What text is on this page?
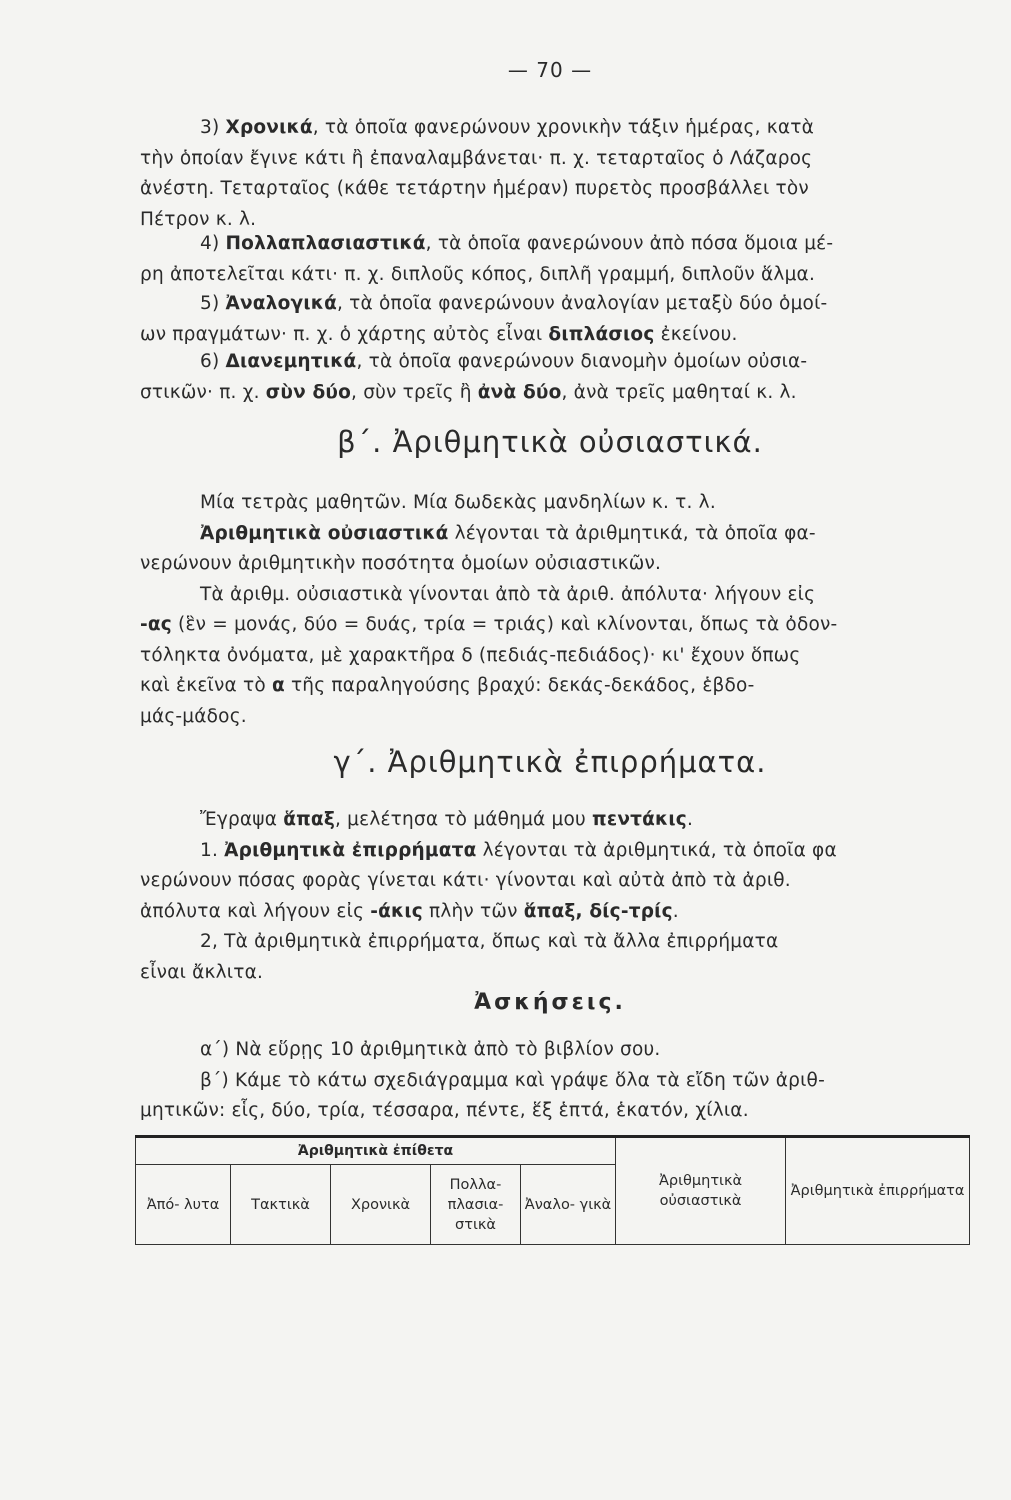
— 70 —
3) Χρονικά, τὰ ὁποῖα φανερώνουν χρονικὴν τάξιν ἡμέρας, κατὰ
τὴν ὁποίαν ἔγινε κάτι ἢ ἐπαναλαμβάνεται· π. χ. τεταρταῖος ὁ Λάζαρος
ἀνέστη. Τεταρταῖος (κάθε τετάρτην ἡμέραν) πυρετὸς προσβάλλει τὸν
Πέτρον κ. λ.
4) Πολλαπλασιαστικά, τὰ ὁποῖα φανερώνουν ἀπὸ πόσα ὅμοια μέ-
ρη ἀποτελεῖται κάτι· π. χ. διπλοῦς κόπος, διπλῆ γραμμή, διπλοῦν ἅλμα.
5) Ἀναλογικά, τὰ ὁποῖα φανερώνουν ἀναλογίαν μεταξὺ δύο ὁμοί-
ων πραγμάτων· π. χ. ὁ χάρτης αὐτὸς εἶναι διπλάσιος ἐκείνου.
6) Διανεμητικά, τὰ ὁποῖα φανερώνουν διανομὴν ὁμοίων οὐσια-
στικῶν· π. χ. σὺν δύο, σὺν τρεῖς ἢ ἀνὰ δύο, ἀνὰ τρεῖς μαθηταί κ. λ.
β΄. Ἀριθμητικὰ οὐσιαστικά.
Μία τετρὰς μαθητῶν. Μία δωδεκὰς μανδηλίων κ. τ. λ.
Ἀριθμητικὰ οὐσιαστικά λέγονται τὰ ἀριθμητικά, τὰ ὁποῖα φα-
νερώνουν ἀριθμητικὴν ποσότητα ὁμοίων οὐσιαστικῶν.
Τὰ ἀριθμ. οὐσιαστικὰ γίνονται ἀπὸ τὰ ἀριθ. ἀπόλυτα· λήγουν εἰς
-ας (ἓν = μονάς, δύο = δυάς, τρία = τριάς) καὶ κλίνονται, ὅπως τὰ ὀδον-
τόληκτα ὀνόματα, μὲ χαρακτῆρα δ (πεδιάς-πεδιάδος)· κι' ἔχουν ὅπως
καὶ ἐκεῖνα τὸ α τῆς παραληγούσης βραχύ: δεκάς-δεκάδος, ἑβδο-
μάς-μάδος.
γ΄. Ἀριθμητικὰ ἐπιρρήματα.
Ἔγραψα ἅπαξ, μελέτησα τὸ μάθημά μου πεντάκις.
1. Ἀριθμητικὰ ἐπιρρήματα λέγονται τὰ ἀριθμητικά, τὰ ὁποῖα φα
νερώνουν πόσας φορὰς γίνεται κάτι· γίνονται καὶ αὐτὰ ἀπὸ τὰ ἀριθ.
ἀπόλυτα καὶ λήγουν εἰς -άκις πλὴν τῶν ἅπαξ, δίς-τρίς.
2, Τὰ ἀριθμητικὰ ἐπιρρήματα, ὅπως καὶ τὰ ἄλλα ἐπιρρήματα
εἶναι ἄκλιτα.
Ἀσκήσεις.
α΄) Νὰ εὕρῃς 10 ἀριθμητικὰ ἀπὸ τὸ βιβλίον σου.
β΄) Κάμε τὸ κάτω σχεδιάγραμμα καὶ γράψε ὅλα τὰ εἴδη τῶν ἀριθ-
μητικῶν: εἷς, δύο, τρία, τέσσαρα, πέντε, ἕξ ἑπτά, ἑκατόν, χίλια.
Ἀριθμητικὰ ἐπίθετα					Ἀριθμητικὰ οὐσιαστικὰ	Ἀριθμητικὰ ἐπιρρήματα
Ἀπό- λυτα	Τακτικὰ	Χρονικὰ	Πολλα- πλασια- στικὰ	Ἀναλο- γικὰ		
